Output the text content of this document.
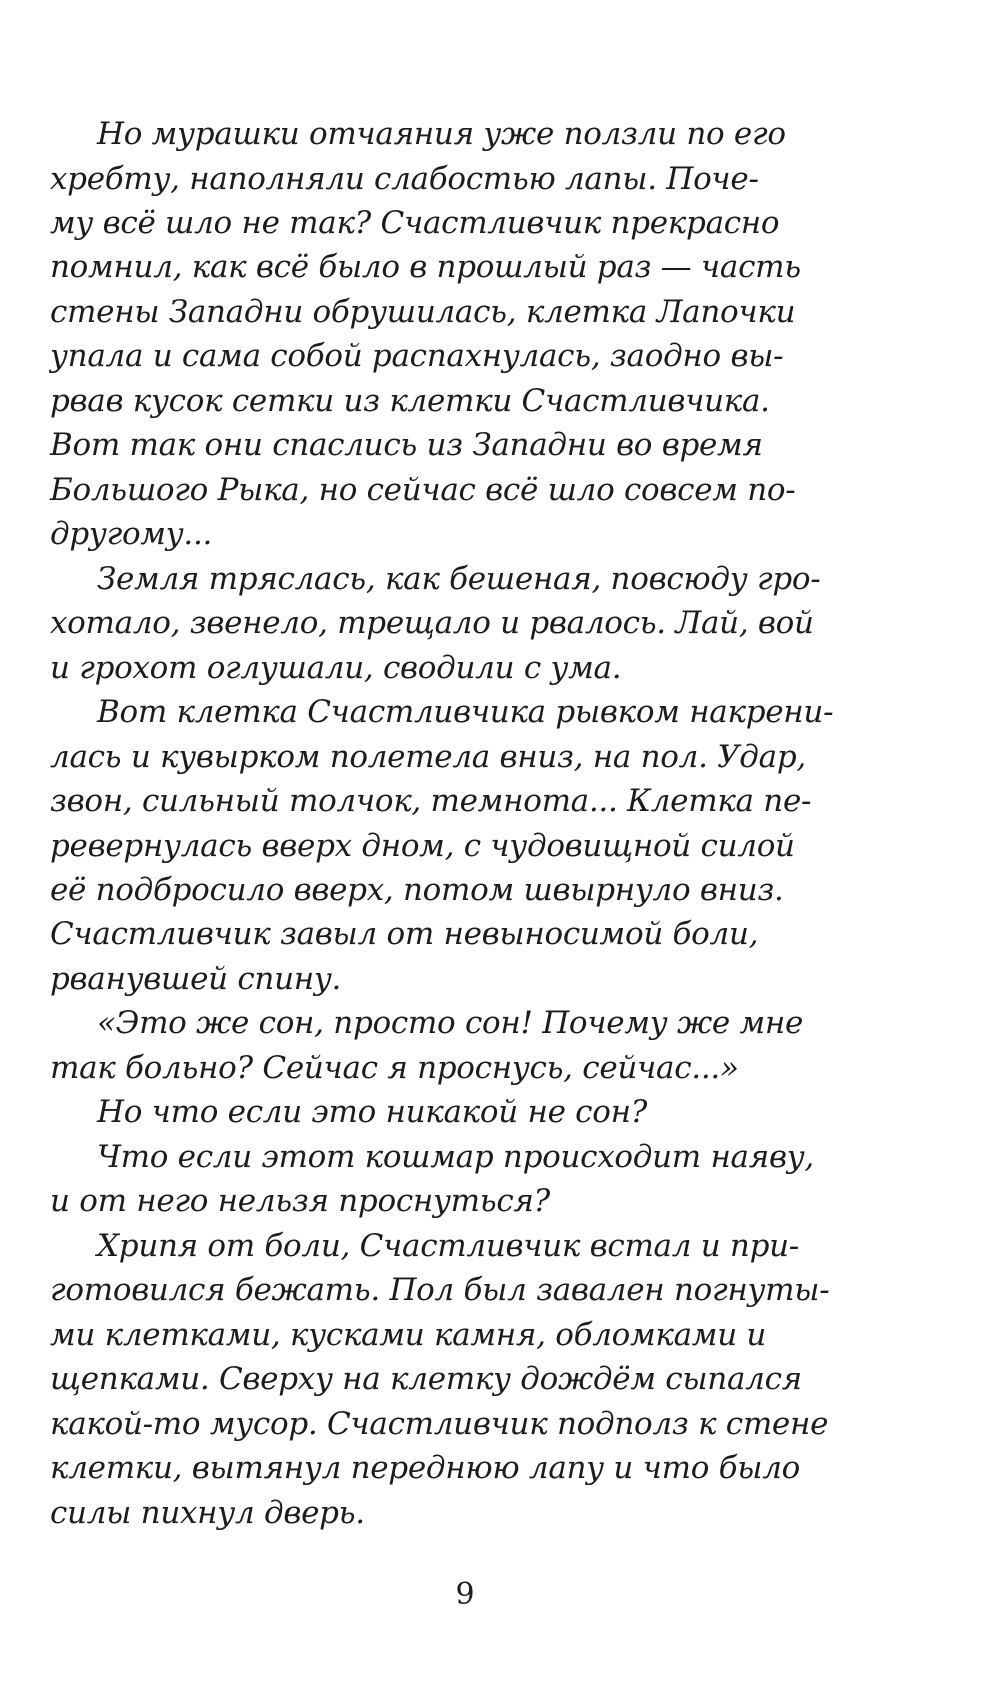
Но мурашки отчаяния уже ползли по его
хребту, наполняли слабостью лапы. Поче-
му всё шло не так? Счастливчик прекрасно
помнил, как всё было в прошлый раз — часть
стены Западни обрушилась, клетка Лапочки
упала и сама собой распахнулась, заодно вы-
рвав кусок сетки из клетки Счастливчика.
Вот так они спаслись из Западни во время
Большого Рыка, но сейчас всё шло совсем по-
другому...
Земля тряслась, как бешеная, повсюду гро-
хотало, звенело, трещало и рвалось. Лай, вой
и грохот оглушали, сводили с ума.
Вот клетка Счастливчика рывком накрени-
лась и кувырком полетела вниз, на пол. Удар,
звон, сильный толчок, темнота... Клетка пе-
ревернулась вверх дном, с чудовищной силой
её подбросило вверх, потом швырнуло вниз.
Счастливчик завыл от невыносимой боли,
рванувшей спину.
«Это же сон, просто сон! Почему же мне
так больно? Сейчас я проснусь, сейчас...»
Но что если это никакой не сон?
Что если этот кошмар происходит наяву,
и от него нельзя проснуться?
Хрипя от боли, Счастливчик встал и при-
готовился бежать. Пол был завален погнуты-
ми клетками, кусками камня, обломками и
щепками. Сверху на клетку дождём сыпался
какой-то мусор. Счастливчик подполз к стене
клетки, вытянул переднюю лапу и что было
силы пихнул дверь.
9
